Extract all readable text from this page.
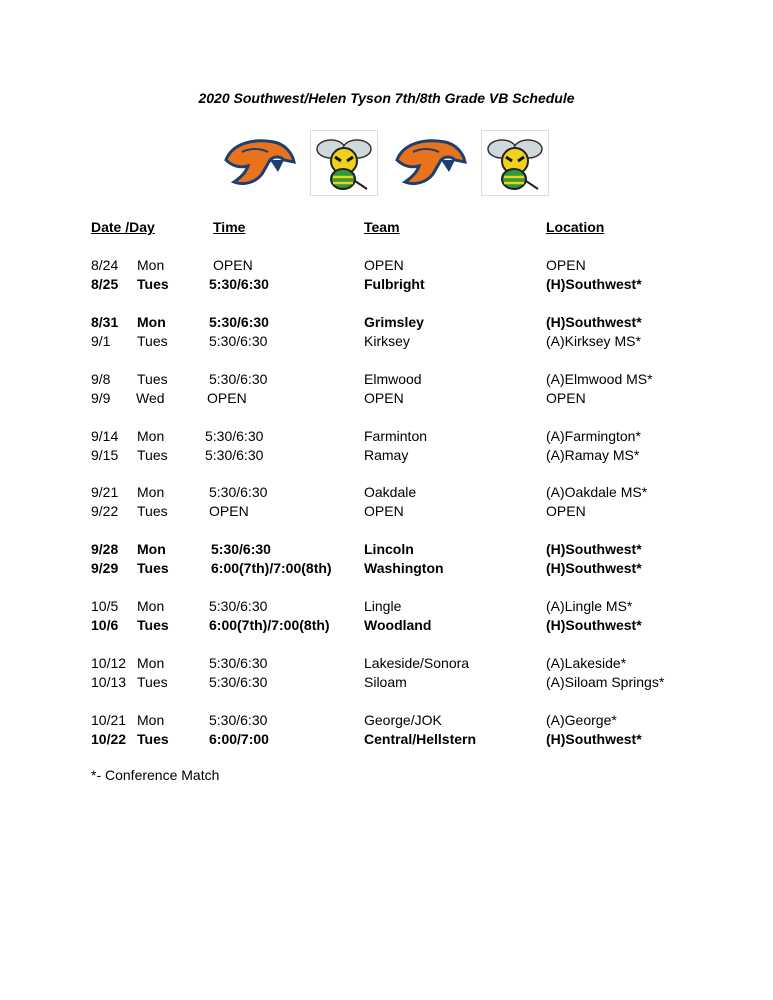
2020 Southwest/Helen Tyson 7th/8th Grade VB Schedule
Date /Day	Time	Team	Location
8/24 Mon	OPEN	OPEN	OPEN
8/25 Tues	5:30/6:30	Fulbright	(H)Southwest*
8/31 Mon	5:30/6:30	Grimsley	(H)Southwest*
9/1 Tues	5:30/6:30	Kirksey	(A)Kirksey MS*
9/8 Tues	5:30/6:30	Elmwood	(A)Elmwood MS*
9/9 Wed	OPEN	OPEN	OPEN
9/14 Mon	5:30/6:30	Farminton	(A)Farmington*
9/15 Tues	5:30/6:30	Ramay	(A)Ramay MS*
9/21 Mon	5:30/6:30	Oakdale	(A)Oakdale MS*
9/22 Tues	OPEN	OPEN	OPEN
9/28 Mon	5:30/6:30	Lincoln	(H)Southwest*
9/29 Tues	6:00(7th)/7:00(8th) Washington	(H)Southwest*
10/5 Mon	5:30/6:30	Lingle	(A)Lingle MS*
10/6 Tues	6:00(7th)/7:00(8th) Woodland	(H)Southwest*
10/12 Mon	5:30/6:30	Lakeside/Sonora	(A)Lakeside*
10/13 Tues	5:30/6:30	Siloam	(A)Siloam Springs*
10/21 Mon	5:30/6:30	George/JOK	(A)George*
10/22 Tues	6:00/7:00	Central/Hellstern	(H)Southwest*
*- Conference Match
